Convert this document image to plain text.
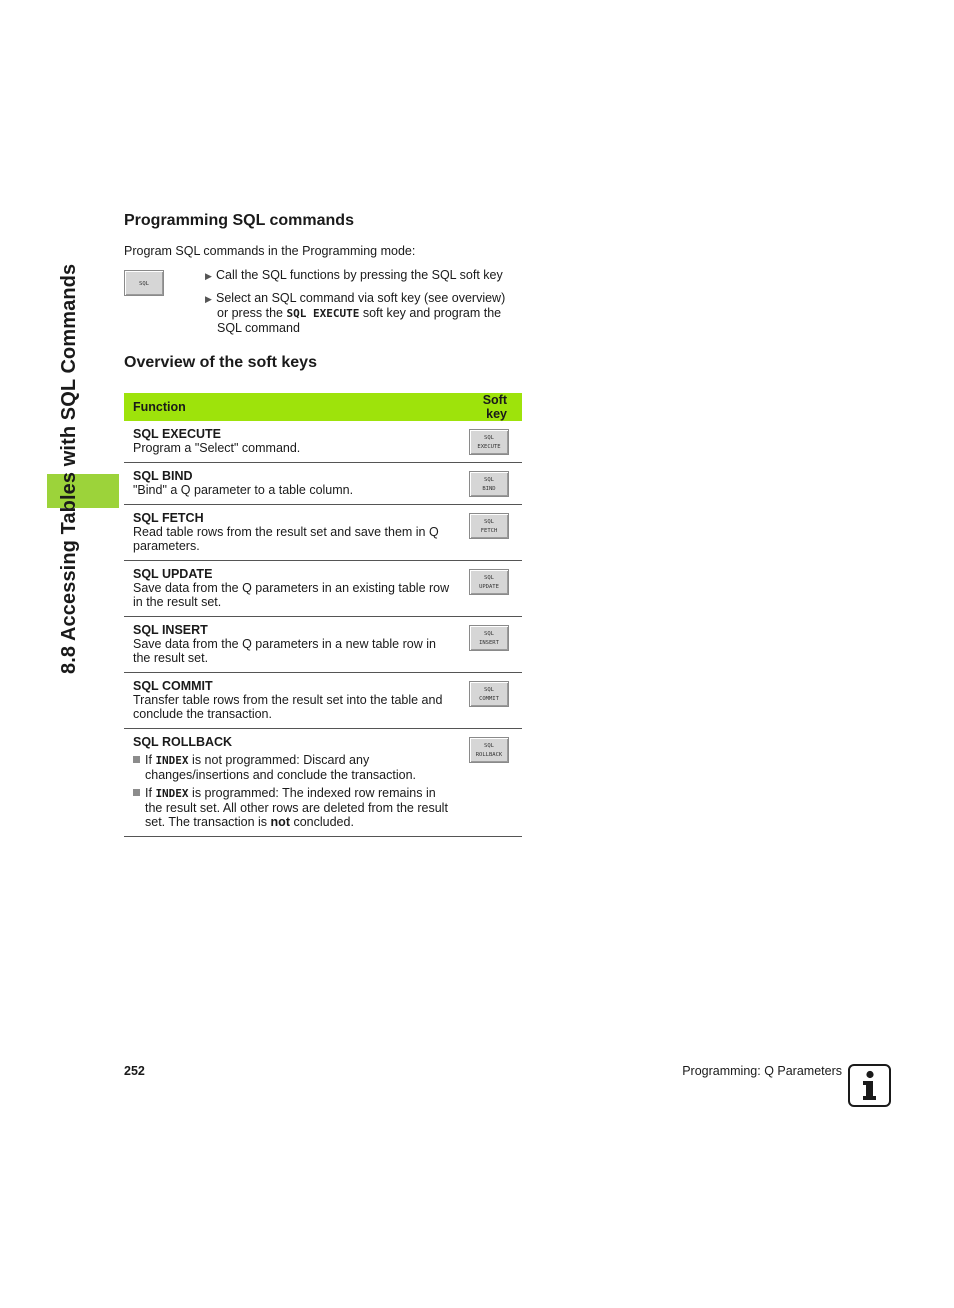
8.8 Accessing Tables with SQL Commands
Programming SQL commands
Program SQL commands in the Programming mode:
SQL
▶ Call the SQL functions by pressing the SQL soft key
▶ Select an SQL command via soft key (see overview)
or press the SQL EXECUTE soft key and program the
SQL command
Overview of the soft keys
Function	Soft key

SQL EXECUTE
Program a "Select" command.	SQL
EXECUTE

SQL BIND
"Bind" a Q parameter to a table column.	SQL
BIND

SQL FETCH
Read table rows from the result set and save them in Q parameters.	SQL
FETCH

SQL UPDATE
Save data from the Q parameters in an existing table row in the result set.	SQL
UPDATE

SQL INSERT
Save data from the Q parameters in a new table row in the result set.	SQL
INSERT

SQL COMMIT
Transfer table rows from the result set into the table and conclude the transaction.	SQL
COMMIT

SQL ROLLBACK
If INDEX is not programmed: Discard any changes/insertions and conclude the transaction.
If INDEX is programmed: The indexed row remains in the result set. All other rows are deleted from the result set. The transaction is not concluded.	SQL
ROLLBACK
252	Programming: Q Parameters
